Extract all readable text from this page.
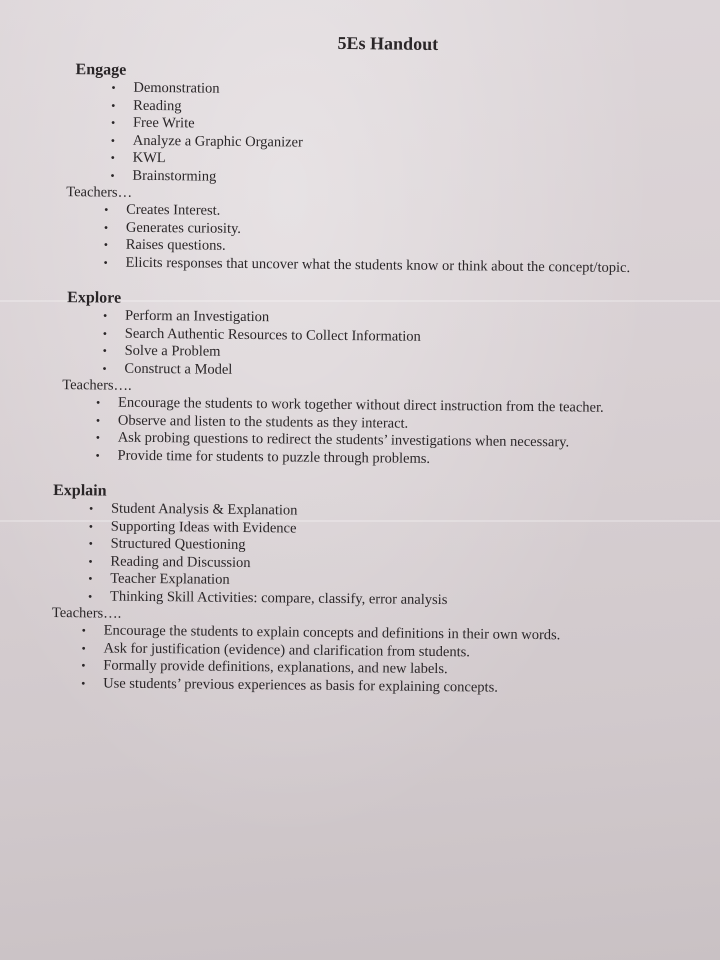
5Es Handout
Engage
• Demonstration
• Reading
• Free Write
• Analyze a Graphic Organizer
• KWL
• Brainstorming
Teachers…
• Creates Interest.
• Generates curiosity.
• Raises questions.
• Elicits responses that uncover what the students know or think about the concept/topic.
Explore
• Perform an Investigation
• Search Authentic Resources to Collect Information
• Solve a Problem
• Construct a Model
Teachers….
• Encourage the students to work together without direct instruction from the teacher.
• Observe and listen to the students as they interact.
• Ask probing questions to redirect the students’ investigations when necessary.
• Provide time for students to puzzle through problems.
Explain
• Student Analysis & Explanation
• Supporting Ideas with Evidence
• Structured Questioning
• Reading and Discussion
• Teacher Explanation
• Thinking Skill Activities: compare, classify, error analysis
Teachers….
• Encourage the students to explain concepts and definitions in their own words.
• Ask for justification (evidence) and clarification from students.
• Formally provide definitions, explanations, and new labels.
• Use students’ previous experiences as basis for explaining concepts.
